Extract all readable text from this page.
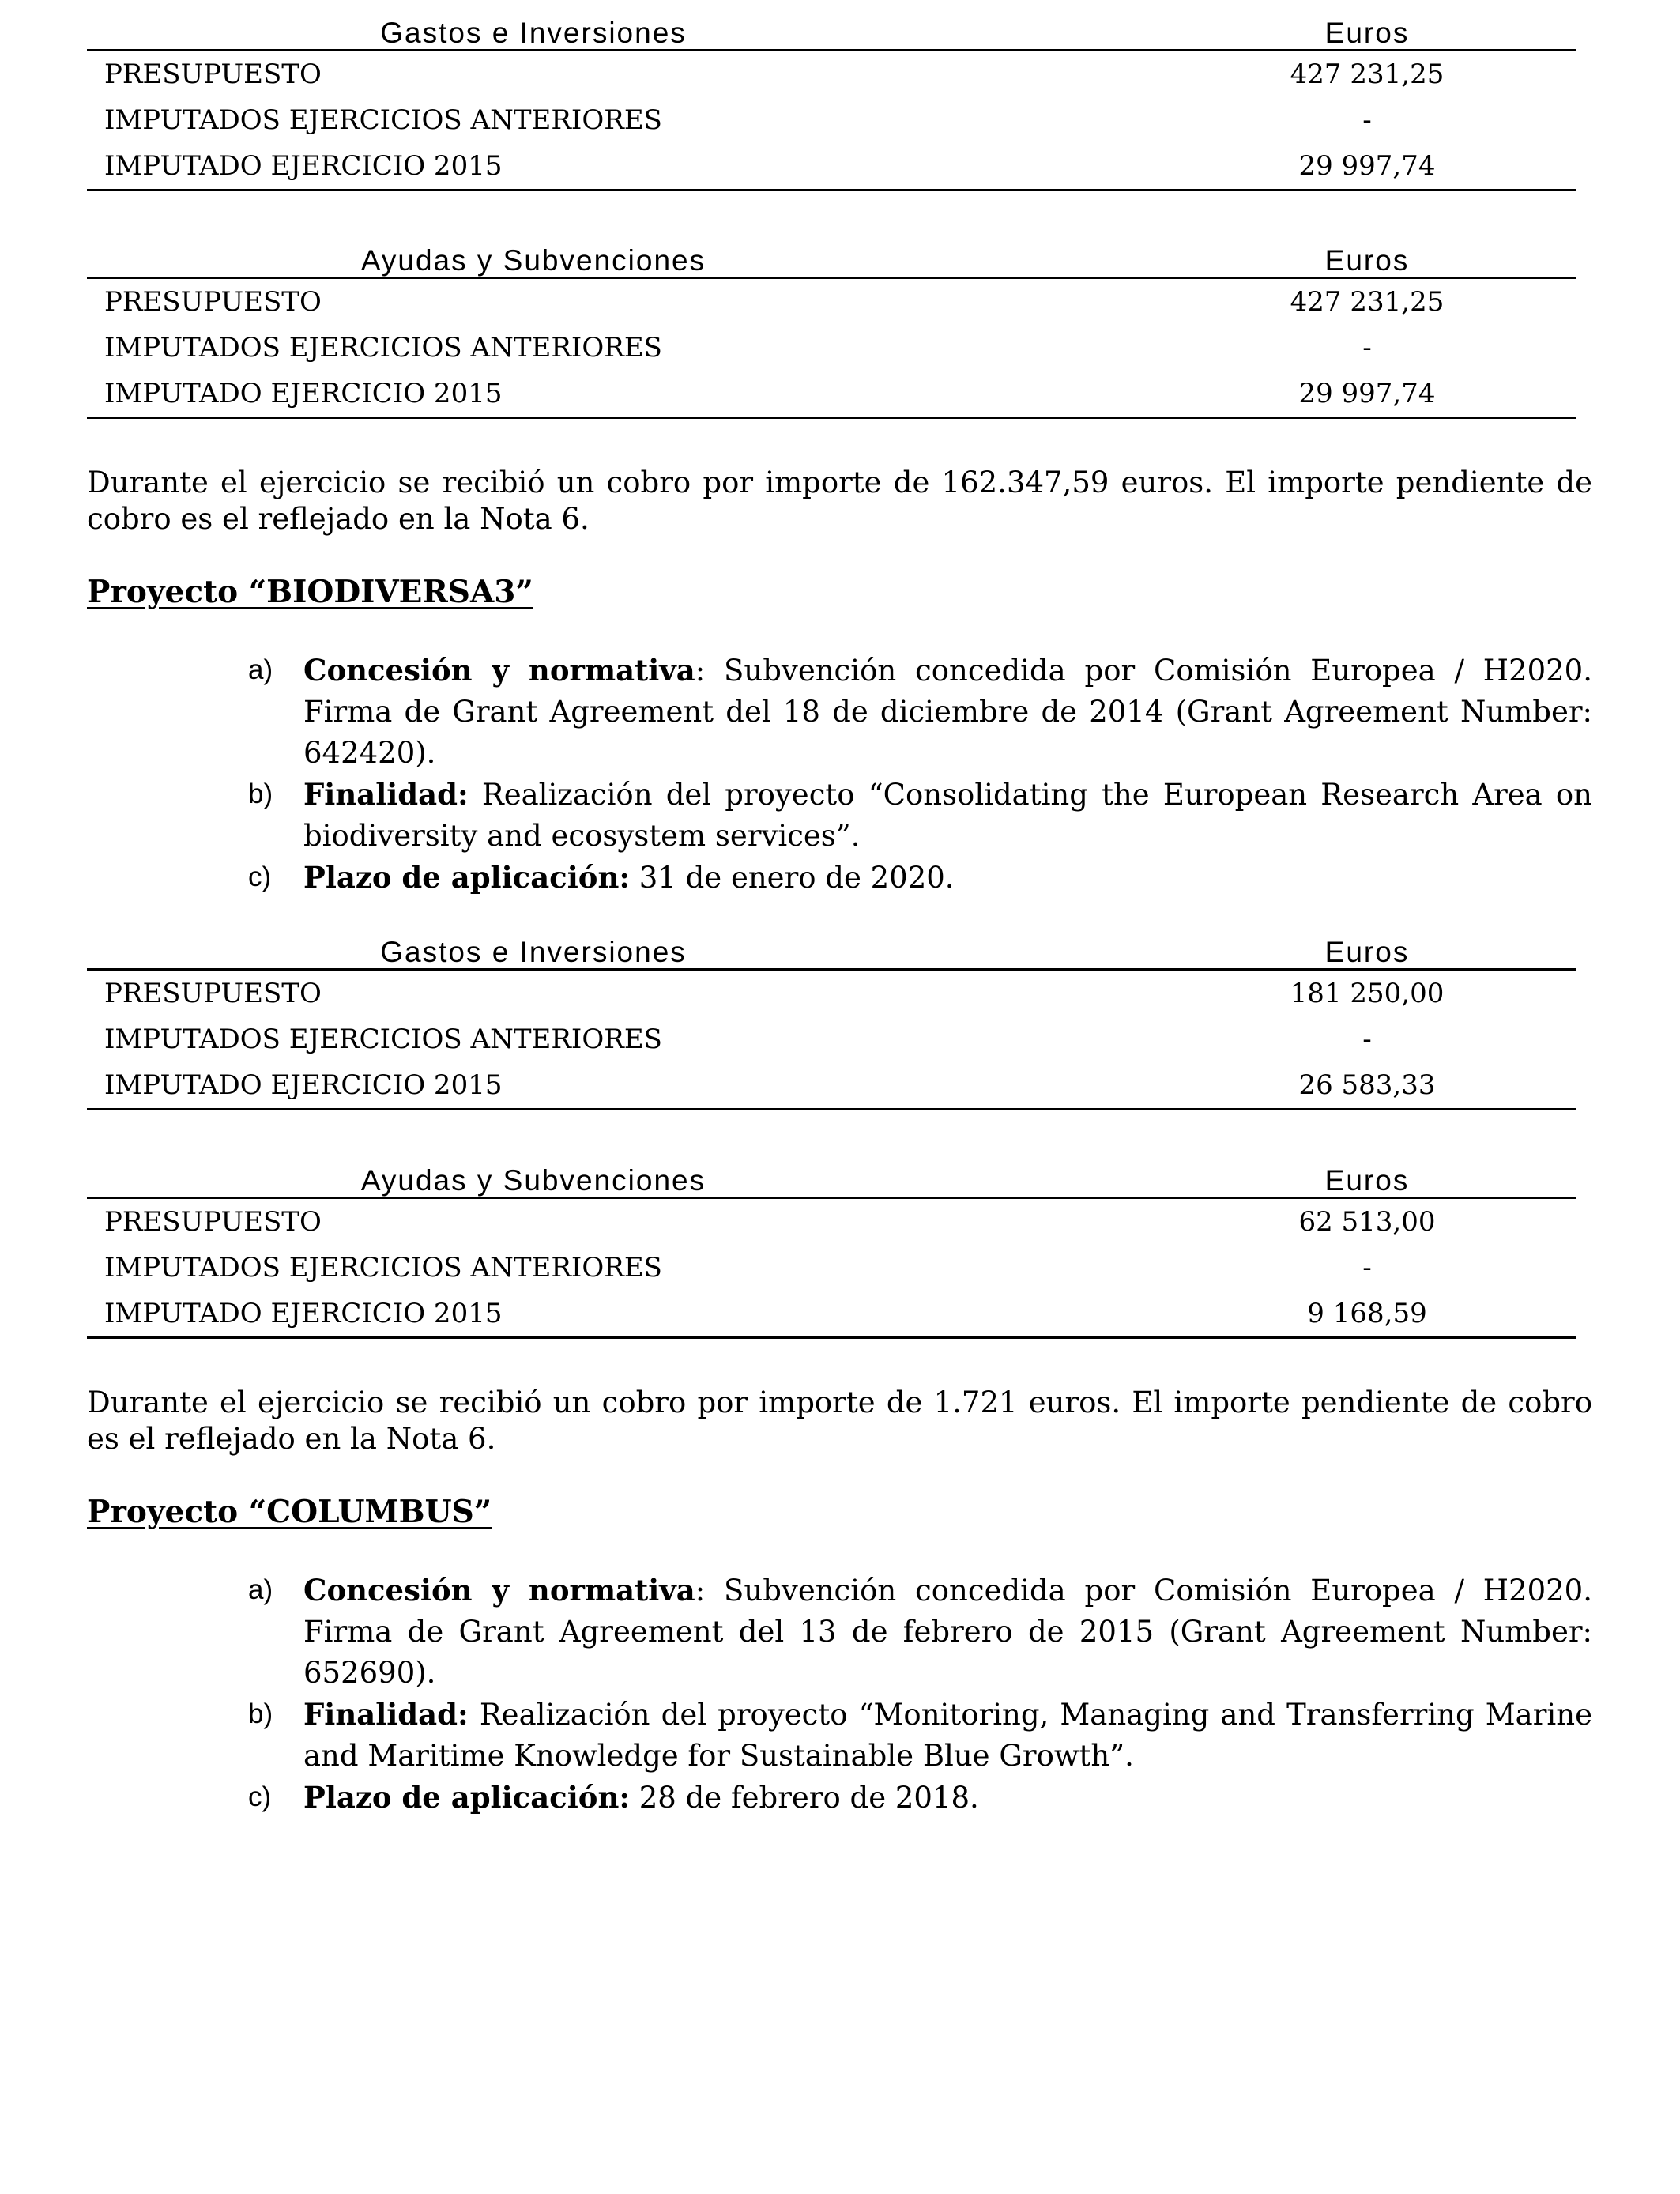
Gastos e Inversiones	Euros
PRESUPUESTO	427 231,25
IMPUTADOS EJERCICIOS ANTERIORES	-
IMPUTADO EJERCICIO 2015	29 997,74
Ayudas y Subvenciones	Euros
PRESUPUESTO	427 231,25
IMPUTADOS EJERCICIOS ANTERIORES	-
IMPUTADO EJERCICIO 2015	29 997,74

Durante el ejercicio se recibió un cobro por importe de 162.347,59 euros. El importe pendiente de cobro es el reflejado en la Nota 6.

Proyecto “BIODIVERSA3”
a) Concesión y normativa: Subvención concedida por Comisión Europea / H2020. Firma de Grant Agreement del 18 de diciembre de 2014 (Grant Agreement Number: 642420).
b) Finalidad: Realización del proyecto “Consolidating the European Research Area on biodiversity and ecosystem services”.
c) Plazo de aplicación: 31 de enero de 2020.
Gastos e Inversiones	Euros
PRESUPUESTO	181 250,00
IMPUTADOS EJERCICIOS ANTERIORES	-
IMPUTADO EJERCICIO 2015	26 583,33
Ayudas y Subvenciones	Euros
PRESUPUESTO	62 513,00
IMPUTADOS EJERCICIOS ANTERIORES	-
IMPUTADO EJERCICIO 2015	9 168,59

Durante el ejercicio se recibió un cobro por importe de 1.721 euros. El importe pendiente de cobro es el reflejado en la Nota 6.

Proyecto “COLUMBUS”
a) Concesión y normativa: Subvención concedida por Comisión Europea / H2020. Firma de Grant Agreement del 13 de febrero de 2015 (Grant Agreement Number: 652690).
b) Finalidad: Realización del proyecto “Monitoring, Managing and Transferring Marine and Maritime Knowledge for Sustainable Blue Growth”.
c) Plazo de aplicación: 28 de febrero de 2018.
